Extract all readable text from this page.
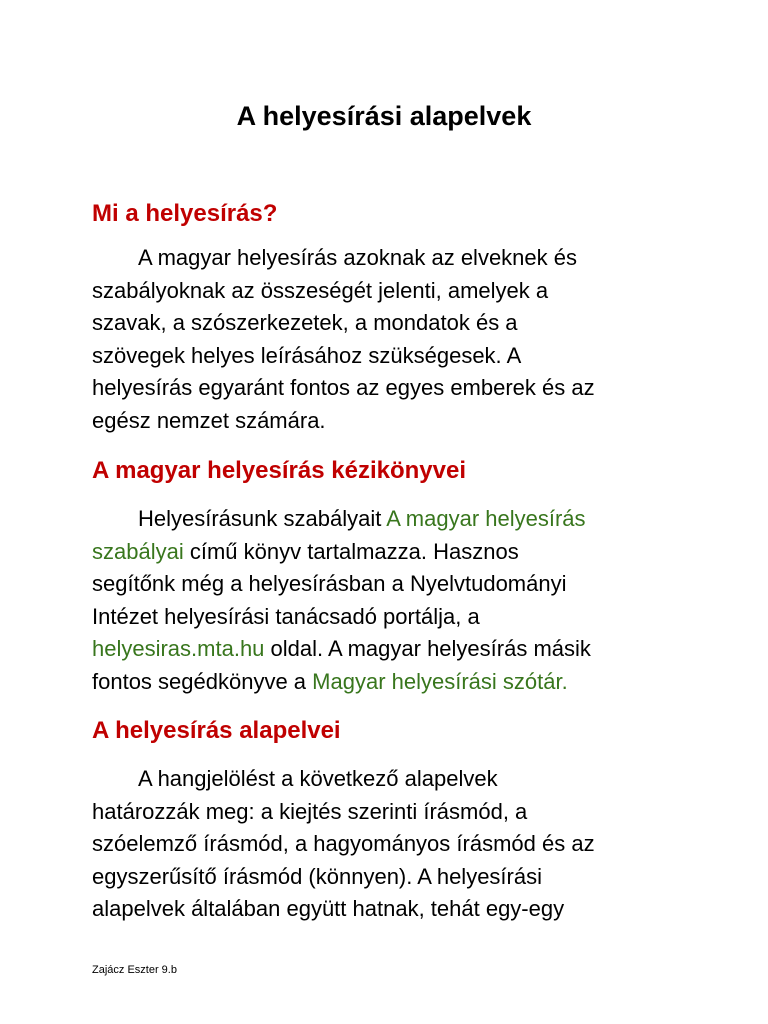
A helyesírási alapelvek
Mi a helyesírás?
A magyar helyesírás azoknak az elveknek és
szabályoknak az összeségét jelenti, amelyek a
szavak, a szószerkezetek, a mondatok és a
szövegek helyes leírásához szükségesek. A
helyesírás egyaránt fontos az egyes emberek és az
egész nemzet számára.
A magyar helyesírás kézikönyvei
Helyesírásunk szabályait A magyar helyesírás
szabályai című könyv tartalmazza. Hasznos
segítőnk még a helyesírásban a Nyelvtudományi
Intézet helyesírási tanácsadó portálja, a
helyesiras.mta.hu oldal. A magyar helyesírás másik
fontos segédkönyve a Magyar helyesírási szótár.
A helyesírás alapelvei
A hangjelölést a következő alapelvek
határozzák meg: a kiejtés szerinti írásmód, a
szóelemző írásmód, a hagyományos írásmód és az
egyszerűsítő írásmód (könnyen). A helyesírási
alapelvek általában együtt hatnak, tehát egy-egy
Zajácz Eszter 9.b
